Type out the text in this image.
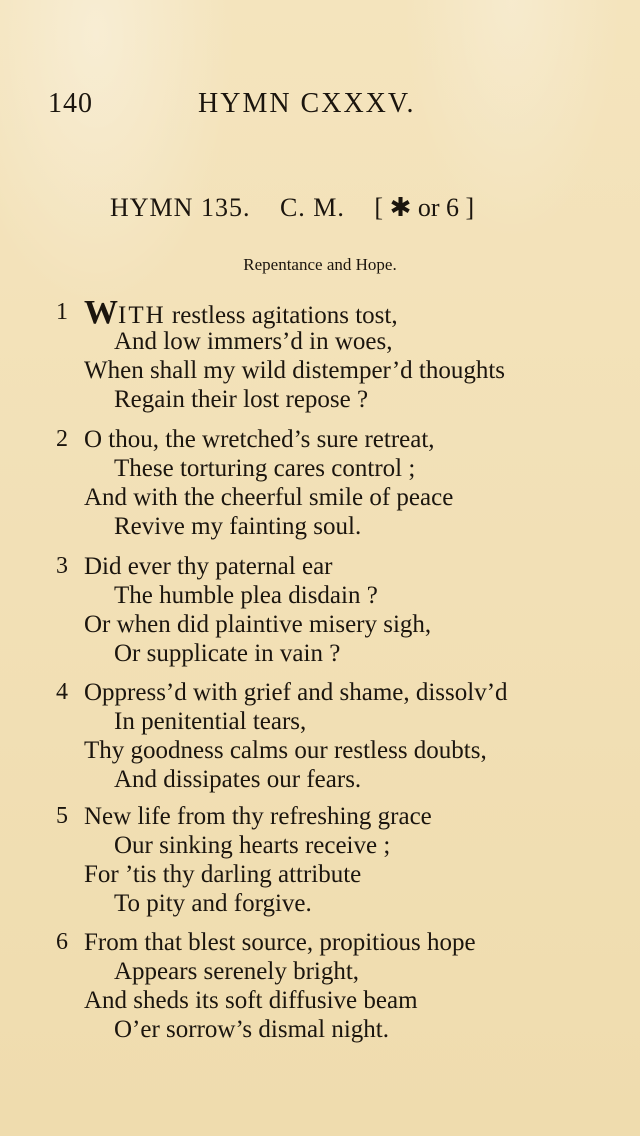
140	HYMN CXXXV.
HYMN 135. C. M. [ ✱ or 6 ]
Repentance and Hope.
1 WITH restless agitations tost,
And low immers’d in woes,
When shall my wild distemper’d thoughts
Regain their lost repose ?
2 O thou, the wretched’s sure retreat,
These torturing cares control ;
And with the cheerful smile of peace
Revive my fainting soul.
3 Did ever thy paternal ear
The humble plea disdain ?
Or when did plaintive misery sigh,
Or supplicate in vain ?
4 Oppress’d with grief and shame, dissolv’d
In penitential tears,
Thy goodness calms our restless doubts,
And dissipates our fears.
5 New life from thy refreshing grace
Our sinking hearts receive ;
For ’tis thy darling attribute
To pity and forgive.
6 From that blest source, propitious hope
Appears serenely bright,
And sheds its soft diffusive beam
O’er sorrow’s dismal night.
